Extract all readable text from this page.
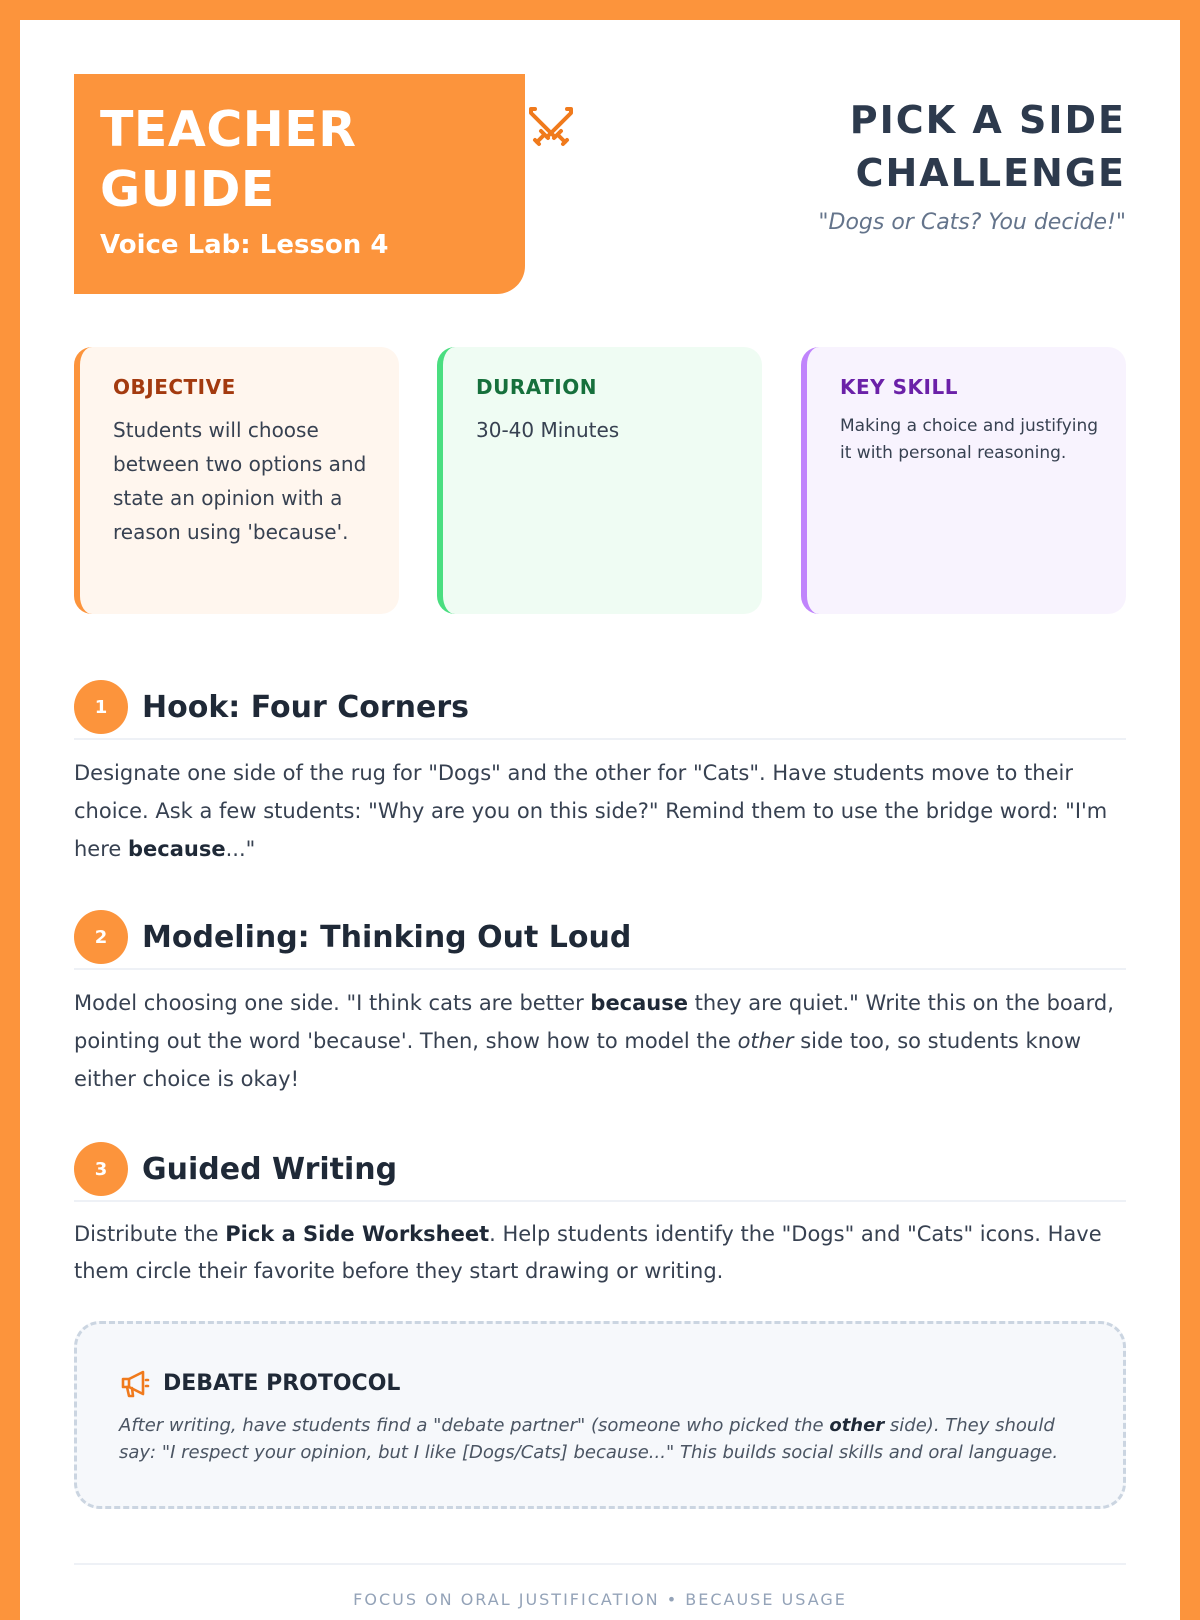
TEACHER GUIDE
Voice Lab: Lesson 4
PICK A SIDE CHALLENGE
"Dogs or Cats? You decide!"
OBJECTIVE
Students will choose between two options and state an opinion with a reason using 'because'.
DURATION
30-40 Minutes
KEY SKILL
Making a choice and justifying it with personal reasoning.
1	Hook: Four Corners
Designate one side of the rug for "Dogs" and the other for "Cats". Have students move to their choice. Ask a few students: "Why are you on this side?" Remind them to use the bridge word: "I'm here because..."
2	Modeling: Thinking Out Loud
Model choosing one side. "I think cats are better because they are quiet." Write this on the board, pointing out the word 'because'. Then, show how to model the other side too, so students know either choice is okay!
3	Guided Writing
Distribute the Pick a Side Worksheet. Help students identify the "Dogs" and "Cats" icons. Have them circle their favorite before they start drawing or writing.
DEBATE PROTOCOL
After writing, have students find a "debate partner" (someone who picked the other side). They should say: "I respect your opinion, but I like [Dogs/Cats] because..." This builds social skills and oral language.
FOCUS ON ORAL JUSTIFICATION • BECAUSE USAGE
